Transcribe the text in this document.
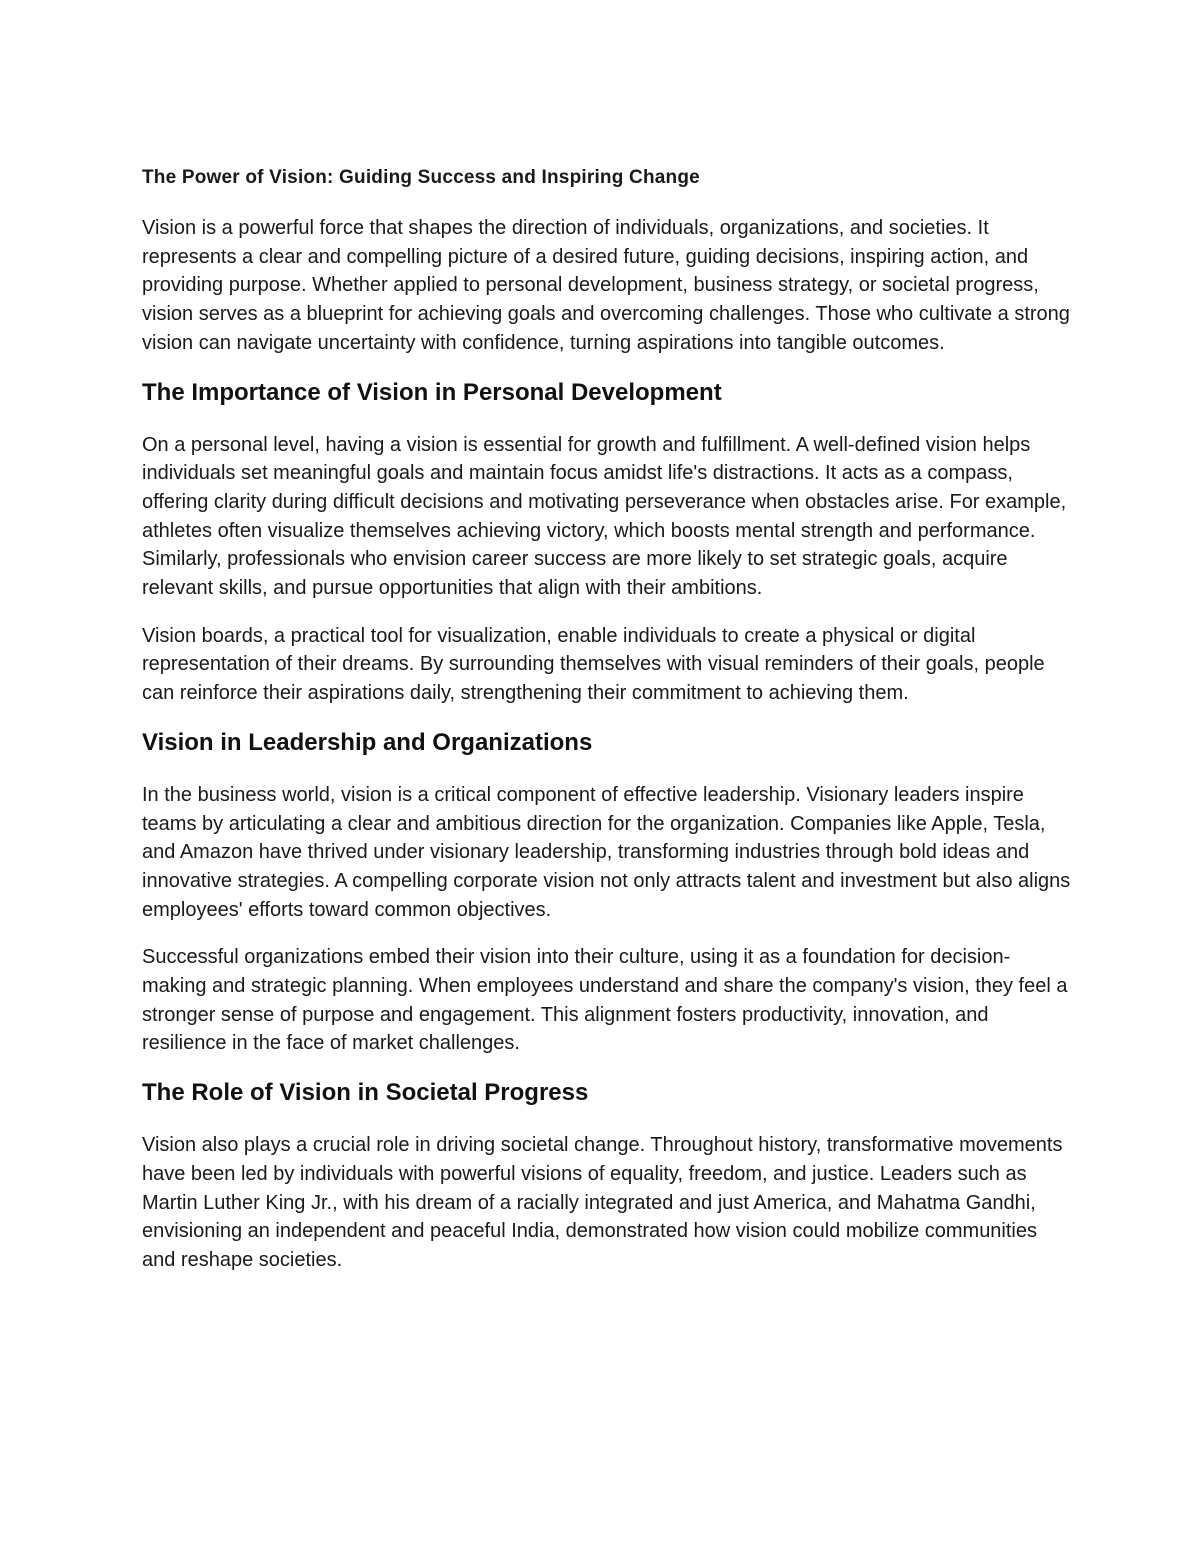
The Power of Vision: Guiding Success and Inspiring Change

Vision is a powerful force that shapes the direction of individuals, organizations, and societies. It represents a clear and compelling picture of a desired future, guiding decisions, inspiring action, and providing purpose. Whether applied to personal development, business strategy, or societal progress, vision serves as a blueprint for achieving goals and overcoming challenges. Those who cultivate a strong vision can navigate uncertainty with confidence, turning aspirations into tangible outcomes.

The Importance of Vision in Personal Development

On a personal level, having a vision is essential for growth and fulfillment. A well-defined vision helps individuals set meaningful goals and maintain focus amidst life's distractions. It acts as a compass, offering clarity during difficult decisions and motivating perseverance when obstacles arise. For example, athletes often visualize themselves achieving victory, which boosts mental strength and performance. Similarly, professionals who envision career success are more likely to set strategic goals, acquire relevant skills, and pursue opportunities that align with their ambitions.

Vision boards, a practical tool for visualization, enable individuals to create a physical or digital representation of their dreams. By surrounding themselves with visual reminders of their goals, people can reinforce their aspirations daily, strengthening their commitment to achieving them.

Vision in Leadership and Organizations

In the business world, vision is a critical component of effective leadership. Visionary leaders inspire teams by articulating a clear and ambitious direction for the organization. Companies like Apple, Tesla, and Amazon have thrived under visionary leadership, transforming industries through bold ideas and innovative strategies. A compelling corporate vision not only attracts talent and investment but also aligns employees' efforts toward common objectives.

Successful organizations embed their vision into their culture, using it as a foundation for decision-making and strategic planning. When employees understand and share the company's vision, they feel a stronger sense of purpose and engagement. This alignment fosters productivity, innovation, and resilience in the face of market challenges.

The Role of Vision in Societal Progress

Vision also plays a crucial role in driving societal change. Throughout history, transformative movements have been led by individuals with powerful visions of equality, freedom, and justice. Leaders such as Martin Luther King Jr., with his dream of a racially integrated and just America, and Mahatma Gandhi, envisioning an independent and peaceful India, demonstrated how vision could mobilize communities and reshape societies.
